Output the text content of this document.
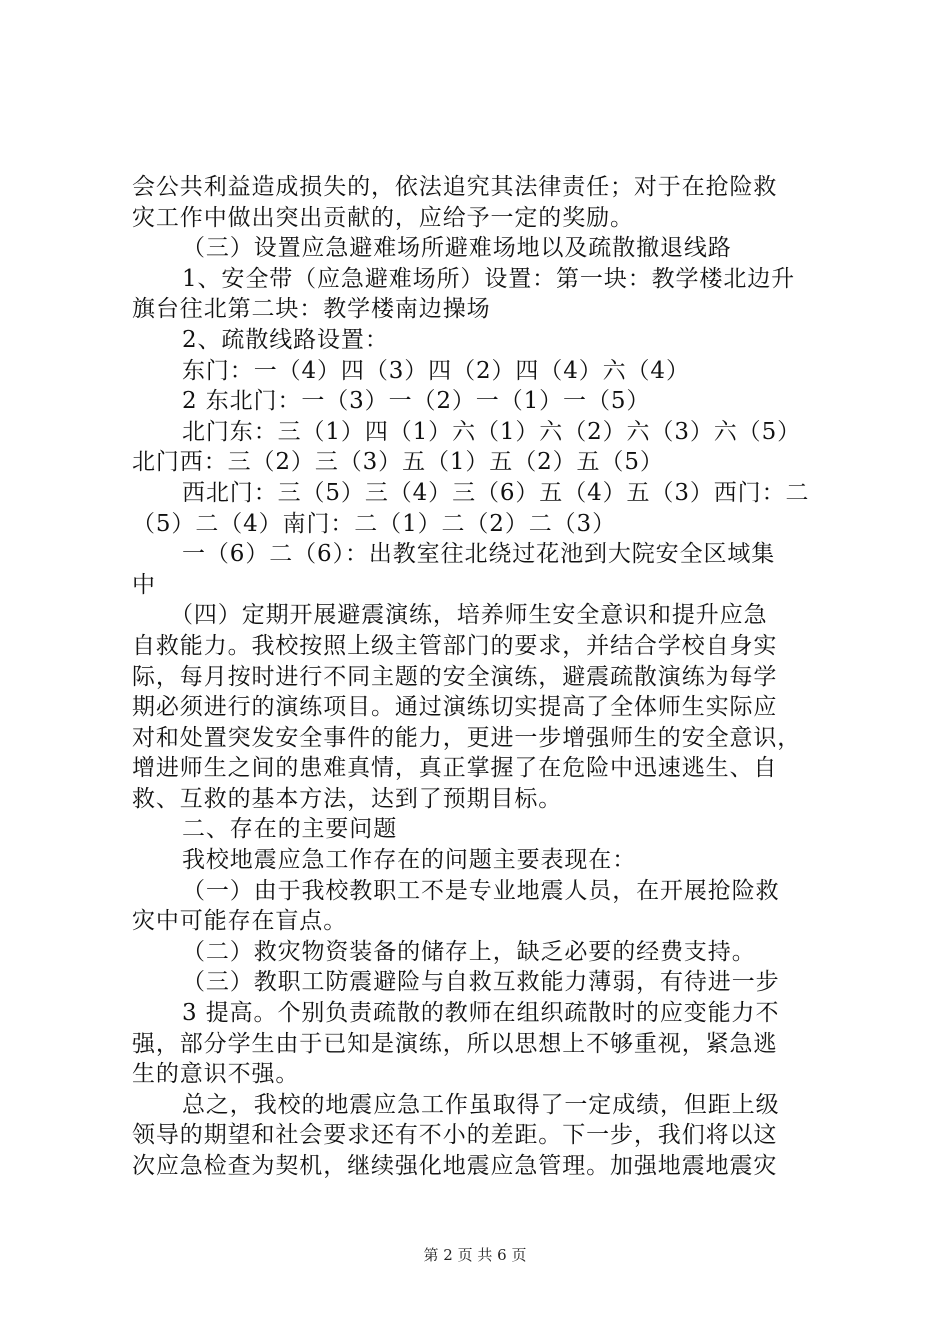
会公共利益造成损失的，依法追究其法律责任；对于在抢险救
灾工作中做出突出贡献的，应给予一定的奖励。
（三）设置应急避难场所避难场地以及疏散撤退线路
1、安全带（应急避难场所）设置：第一块：教学楼北边升
旗台往北第二块：教学楼南边操场
2、疏散线路设置：
东门：一（4）四（3）四（2）四（4）六（4）
2 东北门：一（3）一（2）一（1）一（5）
北门东：三（1）四（1）六（1）六（2）六（3）六（5）
北门西：三（2）三（3）五（1）五（2）五（5）
西北门：三（5）三（4）三（6）五（4）五（3）西门：二
（5）二（4）南门：二（1）二（2）二（3）
一（6）二（6）：出教室往北绕过花池到大院安全区域集
中
（四）定期开展避震演练，培养师生安全意识和提升应急
自救能力。我校按照上级主管部门的要求，并结合学校自身实
际，每月按时进行不同主题的安全演练，避震疏散演练为每学
期必须进行的演练项目。通过演练切实提高了全体师生实际应
对和处置突发安全事件的能力，更进一步增强师生的安全意识，
增进师生之间的患难真情，真正掌握了在危险中迅速逃生、自
救、互救的基本方法，达到了预期目标。
二、存在的主要问题
我校地震应急工作存在的问题主要表现在：
（一）由于我校教职工不是专业地震人员，在开展抢险救
灾中可能存在盲点。
（二）救灾物资装备的储存上，缺乏必要的经费支持。
（三）教职工防震避险与自救互救能力薄弱，有待进一步
3 提高。个别负责疏散的教师在组织疏散时的应变能力不
强，部分学生由于已知是演练，所以思想上不够重视，紧急逃
生的意识不强。
总之，我校的地震应急工作虽取得了一定成绩，但距上级
领导的期望和社会要求还有不小的差距。下一步，我们将以这
次应急检查为契机，继续强化地震应急管理。加强地震地震灾
第 2 页 共 6 页
